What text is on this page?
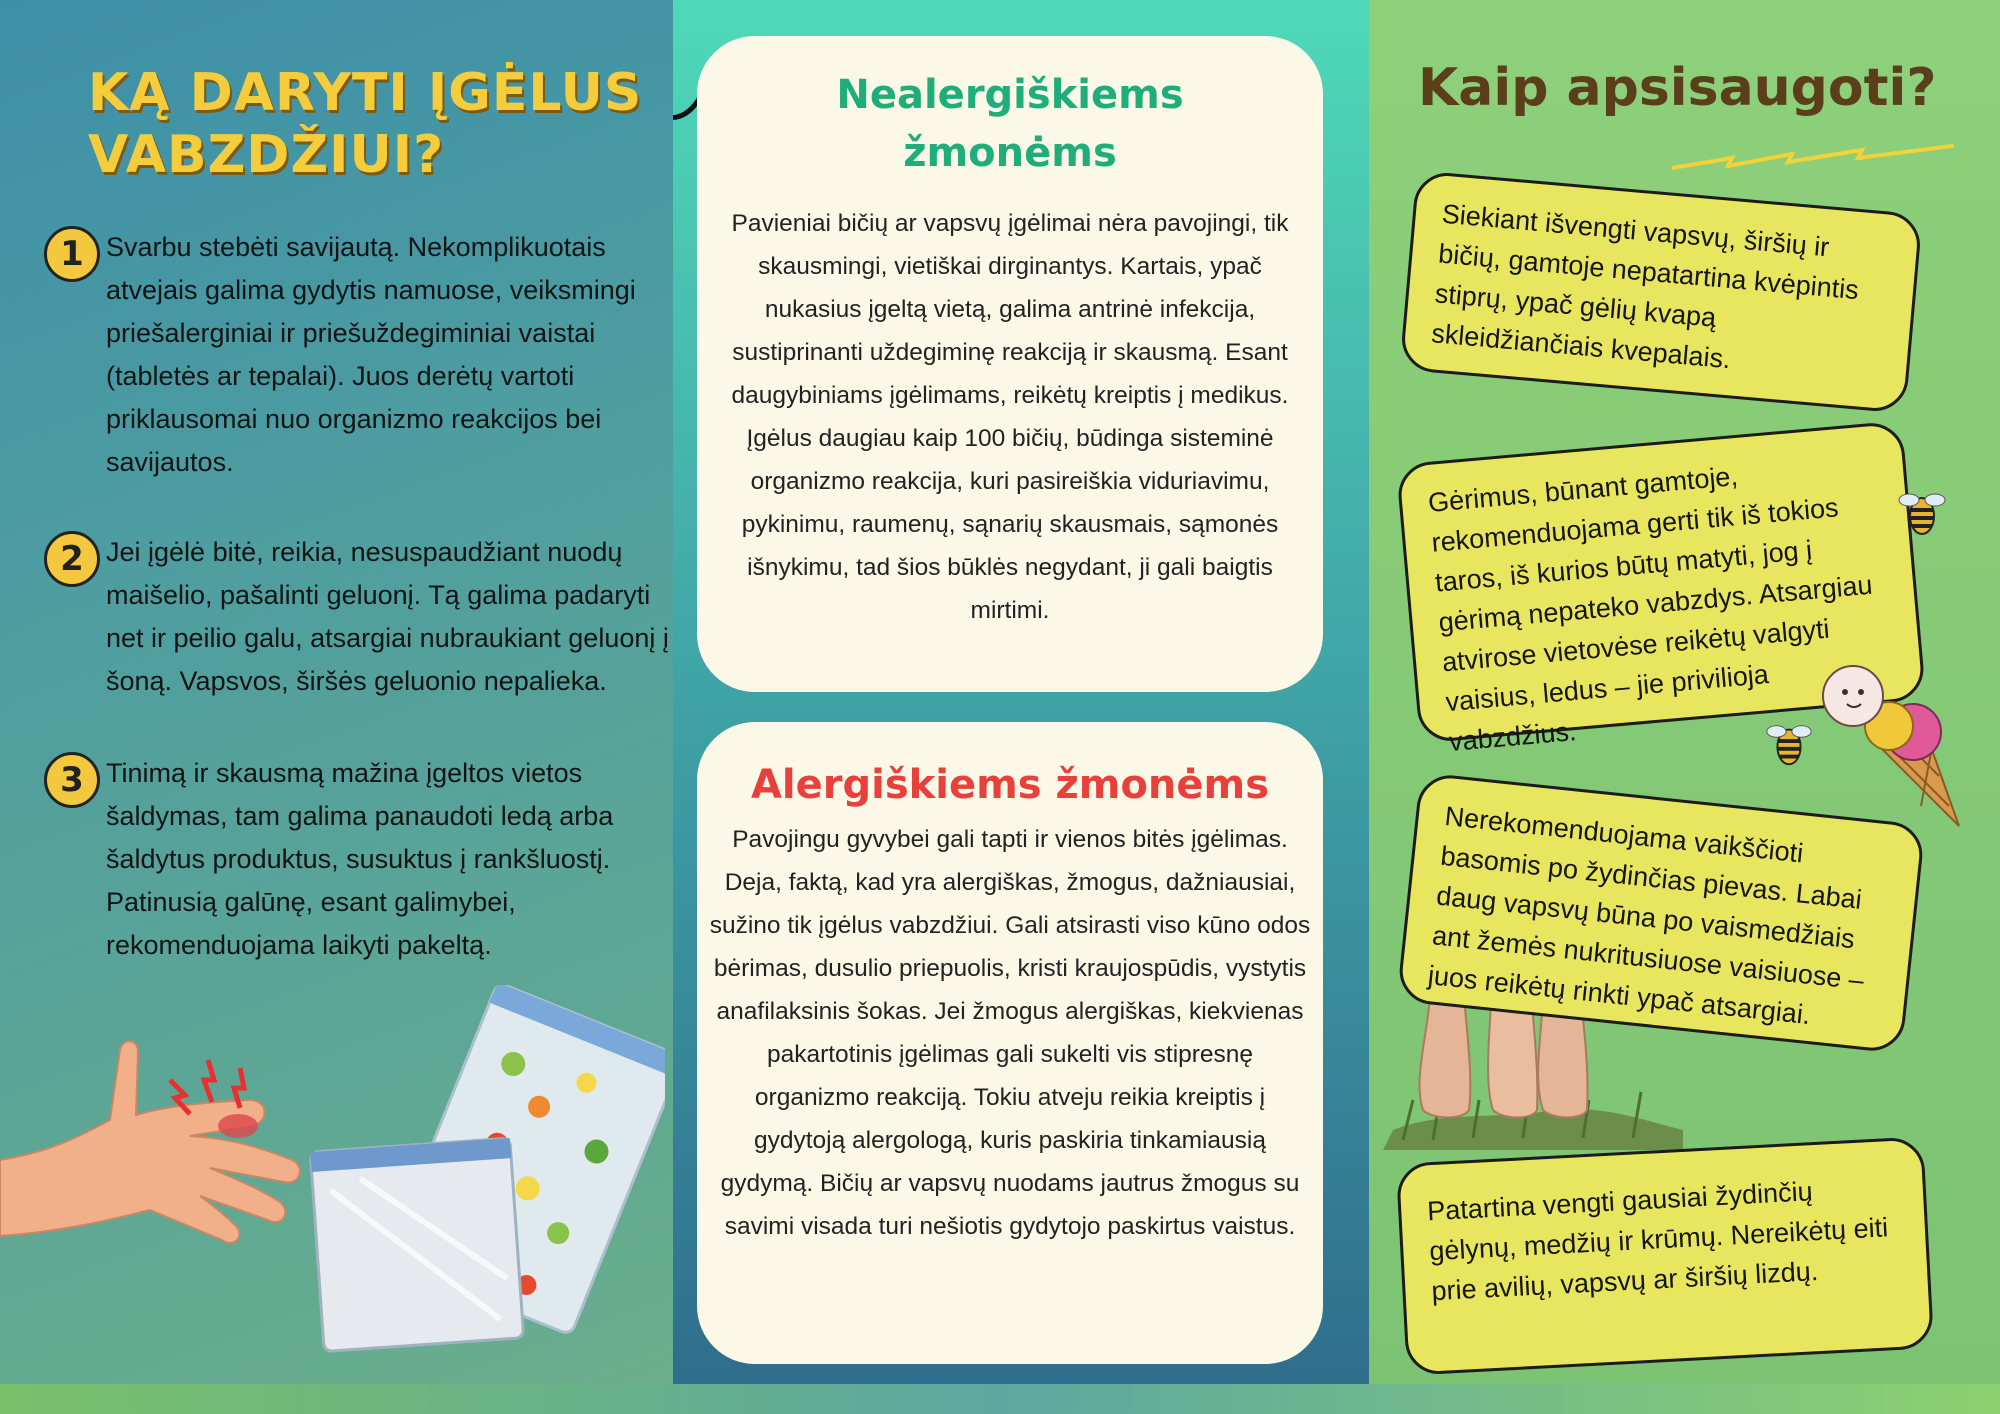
KĄ DARYTI ĮGĖLUS VABZDŽIUI?
1 Svarbu stebėti savijautą. Nekomplikuotais atvejais galima gydytis namuose, veiksmingi priešalerginiai ir priešuždegiminiai vaistai (tabletės ar tepalai). Juos derėtų vartoti priklausomai nuo organizmo reakcijos bei savijautos.
2 Jei įgėlė bitė, reikia, nesuspaudžiant nuodų maišelio, pašalinti geluonį. Tą galima padaryti net ir peilio galu, atsargiai nubraukiant geluonį į šoną. Vapsvos, širšės geluonio nepalieka.
3 Tinimą ir skausmą mažina įgeltos vietos šaldymas, tam galima panaudoti ledą arba šaldytus produktus, susuktus į rankšluostį. Patinusią galūnę, esant galimybei, rekomenduojama laikyti pakeltą.
Nealergiškiems žmonėms

Pavieniai bičių ar vapsvų įgėlimai nėra pavojingi, tik skausmingi, vietiškai dirginantys. Kartais, ypač nukasius įgeltą vietą, galima antrinė infekcija, sustiprinanti uždegiminę reakciją ir skausmą. Esant daugybiniams įgėlimams, reikėtų kreiptis į medikus. Įgėlus daugiau kaip 100 bičių, būdinga sisteminė organizmo reakcija, kuri pasireiškia viduriavimu, pykinimu, raumenų, sąnarių skausmais, sąmonės išnykimu, tad šios būklės negydant, ji gali baigtis mirtimi.

Alergiškiems žmonėms

Pavojingu gyvybei gali tapti ir vienos bitės įgėlimas. Deja, faktą, kad yra alergiškas, žmogus, dažniausiai, sužino tik įgėlus vabzdžiui. Gali atsirasti viso kūno odos bėrimas, dusulio priepuolis, kristi kraujospūdis, vystytis anafilaksinis šokas. Jei žmogus alergiškas, kiekvienas pakartotinis įgėlimas gali sukelti vis stipresnę organizmo reakciją. Tokiu atveju reikia kreiptis į gydytoją alergologą, kuris paskiria tinkamiausią gydymą. Bičių ar vapsvų nuodams jautrus žmogus su savimi visada turi nešiotis gydytojo paskirtus vaistus.

Kaip apsisaugoti?
Siekiant išvengti vapsvų, širšių ir bičių, gamtoje nepatartina kvėpintis stiprų, ypač gėlių kvapą skleidžiančiais kvepalais.
Gėrimus, būnant gamtoje, rekomenduojama gerti tik iš tokios taros, iš kurios būtų matyti, jog į gėrimą nepateko vabzdys. Atsargiau atvirose vietovėse reikėtų valgyti vaisius, ledus – jie privilioja vabzdžius.
Nerekomenduojama vaikščioti basomis po žydinčias pievas. Labai daug vapsvų būna po vaismedžiais ant žemės nukritusiuose vaisiuose – juos reikėtų rinkti ypač atsargiai.
Patartina vengti gausiai žydinčių gėlynų, medžių ir krūmų. Nereikėtų eiti prie avilių, vapsvų ar širšių lizdų.
